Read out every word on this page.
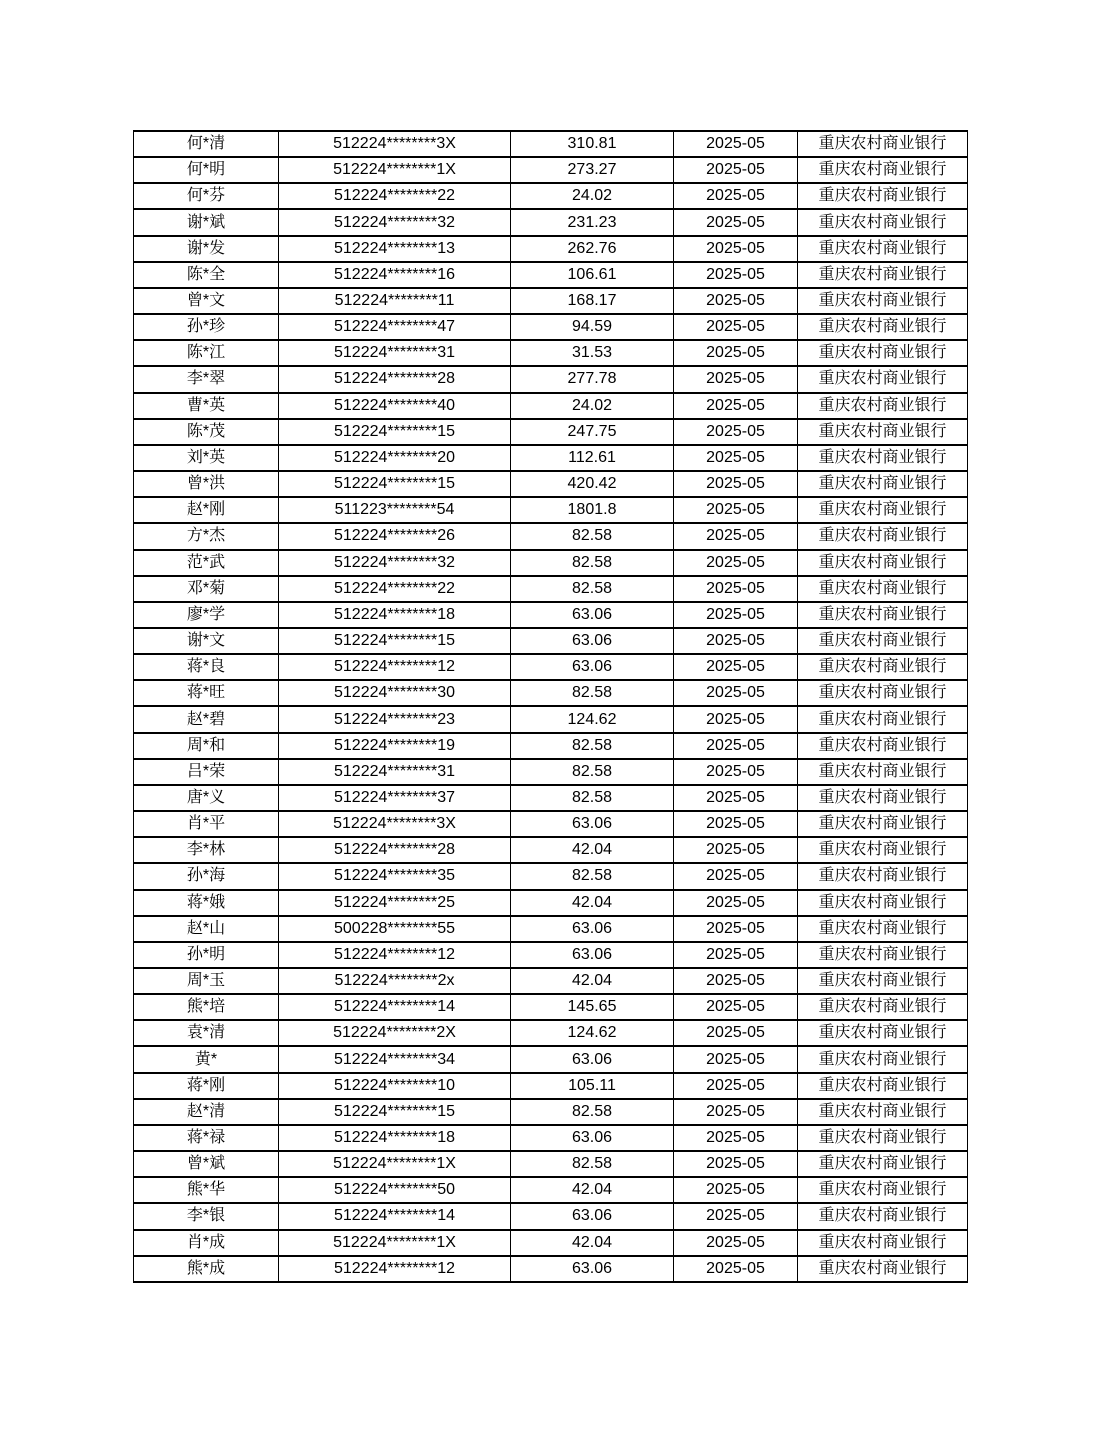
何*清	512224********3X	310.81	2025-05	重庆农村商业银行
何*明	512224********1X	273.27	2025-05	重庆农村商业银行
何*芬	512224********22	24.02	2025-05	重庆农村商业银行
谢*斌	512224********32	231.23	2025-05	重庆农村商业银行
谢*发	512224********13	262.76	2025-05	重庆农村商业银行
陈*全	512224********16	106.61	2025-05	重庆农村商业银行
曾*文	512224********11	168.17	2025-05	重庆农村商业银行
孙*珍	512224********47	94.59	2025-05	重庆农村商业银行
陈*江	512224********31	31.53	2025-05	重庆农村商业银行
李*翠	512224********28	277.78	2025-05	重庆农村商业银行
曹*英	512224********40	24.02	2025-05	重庆农村商业银行
陈*茂	512224********15	247.75	2025-05	重庆农村商业银行
刘*英	512224********20	112.61	2025-05	重庆农村商业银行
曾*洪	512224********15	420.42	2025-05	重庆农村商业银行
赵*刚	511223********54	1801.8	2025-05	重庆农村商业银行
方*杰	512224********26	82.58	2025-05	重庆农村商业银行
范*武	512224********32	82.58	2025-05	重庆农村商业银行
邓*菊	512224********22	82.58	2025-05	重庆农村商业银行
廖*学	512224********18	63.06	2025-05	重庆农村商业银行
谢*文	512224********15	63.06	2025-05	重庆农村商业银行
蒋*良	512224********12	63.06	2025-05	重庆农村商业银行
蒋*旺	512224********30	82.58	2025-05	重庆农村商业银行
赵*碧	512224********23	124.62	2025-05	重庆农村商业银行
周*和	512224********19	82.58	2025-05	重庆农村商业银行
吕*荣	512224********31	82.58	2025-05	重庆农村商业银行
唐*义	512224********37	82.58	2025-05	重庆农村商业银行
肖*平	512224********3X	63.06	2025-05	重庆农村商业银行
李*林	512224********28	42.04	2025-05	重庆农村商业银行
孙*海	512224********35	82.58	2025-05	重庆农村商业银行
蒋*娥	512224********25	42.04	2025-05	重庆农村商业银行
赵*山	500228********55	63.06	2025-05	重庆农村商业银行
孙*明	512224********12	63.06	2025-05	重庆农村商业银行
周*玉	512224********2x	42.04	2025-05	重庆农村商业银行
熊*培	512224********14	145.65	2025-05	重庆农村商业银行
袁*清	512224********2X	124.62	2025-05	重庆农村商业银行
黄*	512224********34	63.06	2025-05	重庆农村商业银行
蒋*刚	512224********10	105.11	2025-05	重庆农村商业银行
赵*清	512224********15	82.58	2025-05	重庆农村商业银行
蒋*禄	512224********18	63.06	2025-05	重庆农村商业银行
曾*斌	512224********1X	82.58	2025-05	重庆农村商业银行
熊*华	512224********50	42.04	2025-05	重庆农村商业银行
李*银	512224********14	63.06	2025-05	重庆农村商业银行
肖*成	512224********1X	42.04	2025-05	重庆农村商业银行
熊*成	512224********12	63.06	2025-05	重庆农村商业银行
